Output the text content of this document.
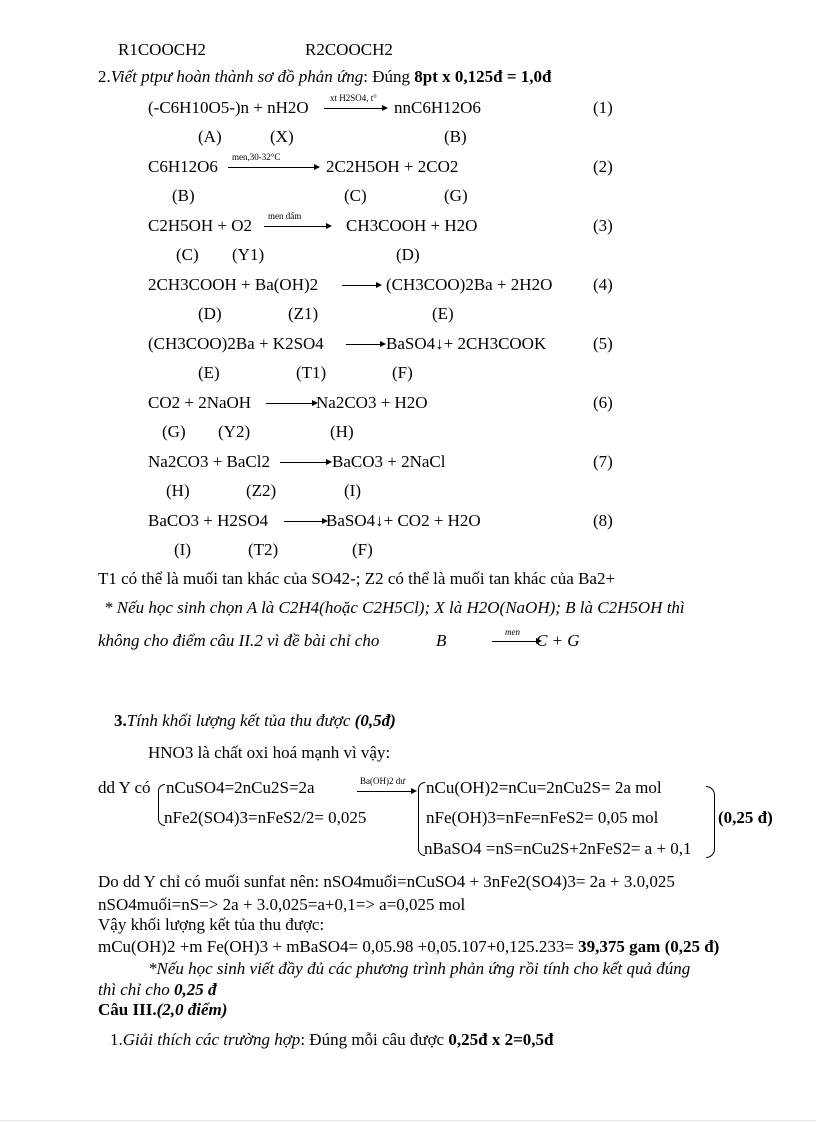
R1COOCH2	R2COOCH2
2.Viết ptpư hoàn thành sơ đồ phản ứng: Đúng 8pt x 0,125đ = 1,0đ
(-C6H10O5-)n + nH2O xt H2SO4, t° → nnC6H12O6	(1)
(A)	(X)	(B)
C6H12O6 men,30-32°C	2C2H5OH + 2CO2	(2)
(B)	(C)	(G)
C2H5OH + O2 men dấm → CH3COOH + H2O	(3)
(C) (Y1)	(D)
2CH3COOH + Ba(OH)2 → (CH3COO)2Ba + 2H2O (4)
(D)	(Z1)	(E)
(CH3COO)2Ba + K2SO4 → BaSO4↓+ 2CH3COOK	(5)
(E)	(T1)	(F)
CO2 + 2NaOH → Na2CO3 + H2O	(6)
(G) (Y2)	(H)
Na2CO3 + BaCl2 → BaCO3 + 2NaCl	(7)
(H)	(Z2)	(I)
BaCO3 + H2SO4 → BaSO4↓+ CO2 + H2O	(8)
(I)	(T2)	(F)
T1 có thể là muối tan khác của SO42-; Z2 có thể là muối tan khác của Ba2+
* Nếu học sinh chọn A là C2H4(hoặc C2H5Cl); X là H2O(NaOH); B là C2H5OH thì
không cho điểm câu II.2 vì đề bài chỉ cho	B	men C + G
3.Tính khối lượng kết tủa thu được (0,5đ)
HNO3 là chất oxi hoá mạnh vì vậy:
dd Y có nCuSO4=2nCu2S=2a
nFe2(SO4)3=nFeS2/2= 0,025
Ba(OH)2 dư nCu(OH)2=nCu=2nCu2S= 2a mol
nFe(OH)3=nFe=nFeS2= 0,05 mol
nBaSO4 =nS=nCu2S+2nFeS2= a + 0,1
(0,25 đ)
Do dd Y chỉ có muối sunfat nên: nSO4muối=nCuSO4 + 3nFe2(SO4)3= 2a + 3.0,025
nSO4muối=nS=> 2a + 3.0,025=a+0,1=> a=0,025 mol
Vậy khối lượng kết tủa thu được:
mCu(OH)2 +m Fe(OH)3 + mBaSO4= 0,05.98 +0,05.107+0,125.233= 39,375 gam (0,25 đ)
*Nếu học sinh viết đầy đủ các phương trình phản ứng rồi tính cho kết quả đúng
thì chỉ cho 0,25 đ
Câu III.(2,0 điểm)
1.Giải thích các trường hợp: Đúng mỗi câu được 0,25đ x 2=0,5đ
